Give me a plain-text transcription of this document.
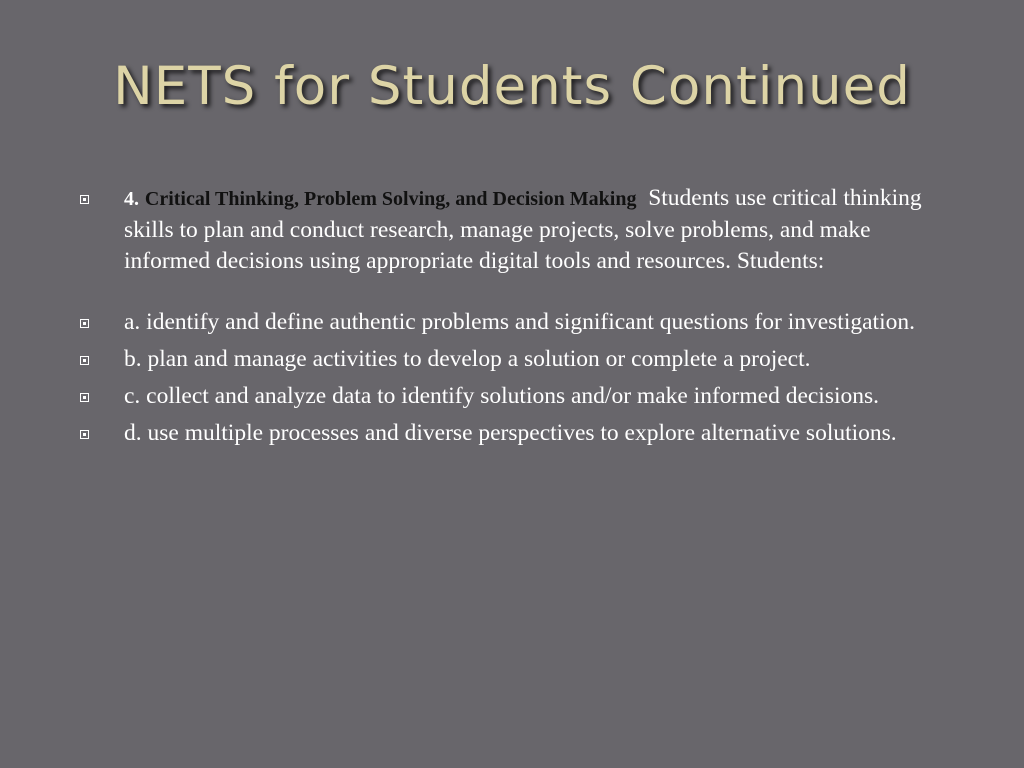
NETS for Students Continued
4. Critical Thinking, Problem Solving, and Decision Making Students use critical thinking skills to plan and conduct research, manage projects, solve problems, and make informed decisions using appropriate digital tools and resources. Students:
a. identify and define authentic problems and significant questions for investigation.
b. plan and manage activities to develop a solution or complete a project.
c. collect and analyze data to identify solutions and/or make informed decisions.
d. use multiple processes and diverse perspectives to explore alternative solutions.
